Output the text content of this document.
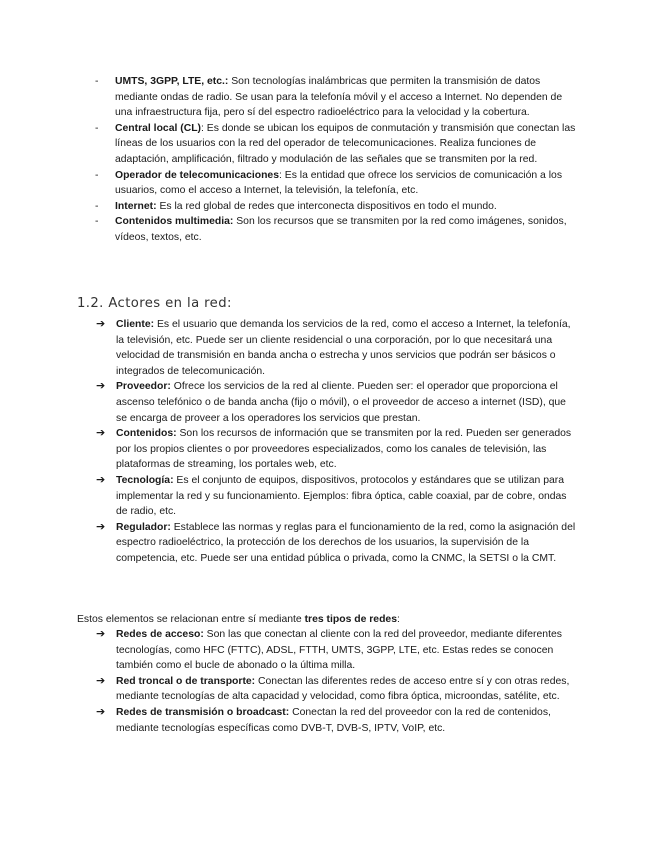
-	UMTS, 3GPP, LTE, etc.: Son tecnologías inalámbricas que permiten la transmisión de datos mediante ondas de radio. Se usan para la telefonía móvil y el acceso a Internet. No dependen de una infraestructura fija, pero sí del espectro radioeléctrico para la velocidad y la cobertura.
-	Central local (CL): Es donde se ubican los equipos de conmutación y transmisión que conectan las líneas de los usuarios con la red del operador de telecomunicaciones. Realiza funciones de adaptación, amplificación, filtrado y modulación de las señales que se transmiten por la red.
-	Operador de telecomunicaciones: Es la entidad que ofrece los servicios de comunicación a los usuarios, como el acceso a Internet, la televisión, la telefonía, etc.
-	Internet: Es la red global de redes que interconecta dispositivos en todo el mundo.
-	Contenidos multimedia: Son los recursos que se transmiten por la red como imágenes, sonidos, vídeos, textos, etc.
1.2. Actores en la red:
➔	Cliente: Es el usuario que demanda los servicios de la red, como el acceso a Internet, la telefonía, la televisión, etc. Puede ser un cliente residencial o una corporación, por lo que necesitará una velocidad de transmisión en banda ancha o estrecha y unos servicios que podrán ser básicos o integrados de telecomunicación.
➔	Proveedor: Ofrece los servicios de la red al cliente. Pueden ser: el operador que proporciona el ascenso telefónico o de banda ancha (fijo o móvil), o el proveedor de acceso a internet (ISD), que se encarga de proveer a los operadores los servicios que prestan.
➔	Contenidos: Son los recursos de información que se transmiten por la red. Pueden ser generados por los propios clientes o por proveedores especializados, como los canales de televisión, las plataformas de streaming, los portales web, etc.
➔	Tecnología: Es el conjunto de equipos, dispositivos, protocolos y estándares que se utilizan para implementar la red y su funcionamiento. Ejemplos: fibra óptica, cable coaxial, par de cobre, ondas de radio, etc.
➔	Regulador: Establece las normas y reglas para el funcionamiento de la red, como la asignación del espectro radioeléctrico, la protección de los derechos de los usuarios, la supervisión de la competencia, etc. Puede ser una entidad pública o privada, como la CNMC, la SETSI o la CMT.

Estos elementos se relacionan entre sí mediante tres tipos de redes:

➔	Redes de acceso: Son las que conectan al cliente con la red del proveedor, mediante diferentes tecnologías, como HFC (FTTC), ADSL, FTTH, UMTS, 3GPP, LTE, etc. Estas redes se conocen también como el bucle de abonado o la última milla.
➔	Red troncal o de transporte: Conectan las diferentes redes de acceso entre sí y con otras redes, mediante tecnologías de alta capacidad y velocidad, como fibra óptica, microondas, satélite, etc.
➔	Redes de transmisión o broadcast: Conectan la red del proveedor con la red de contenidos, mediante tecnologías específicas como DVB-T, DVB-S, IPTV, VoIP, etc.
